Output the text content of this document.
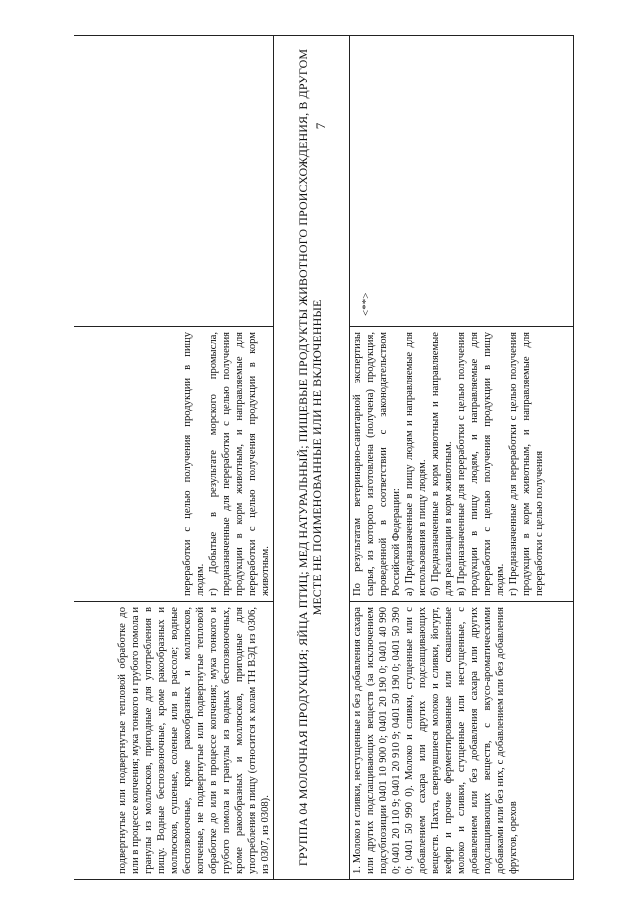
7
подвергнутые или подвергнутые тепловой обработке до или в процессе копчения; мука тонкого и грубого помола и гранулы из моллюсков, пригодные для употребления в пищу. Водные беспозвоночные, кроме ракообразных и моллюсков, сушеные, соленые или в рассоле; водные беспозвоночные, кроме ракообразных и моллюсков, копченые, не подвергнутые или подвергнутые тепловой обработке до или в процессе копчения; мука тонкого и грубого помола и гранулы из водных беспозвоночных, кроме ракообразных и моллюсков, пригодные для употребления в пищу (относится к колам ТН ВЭД из 0306, из 0307, из 0308).
переработки с целью получения продукции в пищу людям. г) Добытые в результате морского промысла, предназначенные для переработки с целью получения продукции в корм животным, и направляемые для переработки с целью получения продукции в корм животным. ГРУППА 04 МОЛОЧНАЯ ПРОДУКЦИЯ; ЯЙЦА ПТИЦ; МЕД НАТУРАЛЬНЫЙ; ПИЩЕВЫЕ ПРОДУКТЫ ЖИВОТНОГО ПРОИСХОЖДЕНИЯ, В ДРУГОМ МЕСТЕ НЕ ПОИМЕНОВАННЫЕ ИЛИ НЕ ВКЛЮЧЕННЫЕ
1. Молоко и сливки, несгущенные и без добавления сахара или других подслащивающих веществ (за исключением подсубпозиции 0401 10 900 0; 0401 20 190 0; 0401 40 990 0; 0401 20 110 9; 0401 20 910 9; 0401 50 190 0; 0401 50 390 0; 0401 50 990 0). Молоко и сливки, сгущенные или с добавлением сахара или других подслащивающих веществ. Пахта, свернувшиеся молоко и сливки, йогурт, кефир и прочие ферментированные или сквашенные молоко и сливки, сгущенные или несгущенные, с добавлением или без добавления сахара или других подслащивающих веществ, с вкусо-ароматическими добавками или без них, с добавлением или без добавления фруктов, орехов
По результатам ветеринарно-санитарной экспертизы сырья, из которого изготовлена (получена) продукция, проведенной в соответствии с законодательством Российской Федерации: а) Предназначенные в пищу людям и направляемые для использования в пищу людям. б) Предназначенные в корм животным и направляемые для реализации в корм животным. в) Предназначенные для переработки с целью получения продукции в пищу людям, и направляемые для переработки с целью получения продукции в пищу людям. г) Предназначенные для переработки с целью получения продукции в корм животным, и направляемые для переработки с целью получения
<**>
